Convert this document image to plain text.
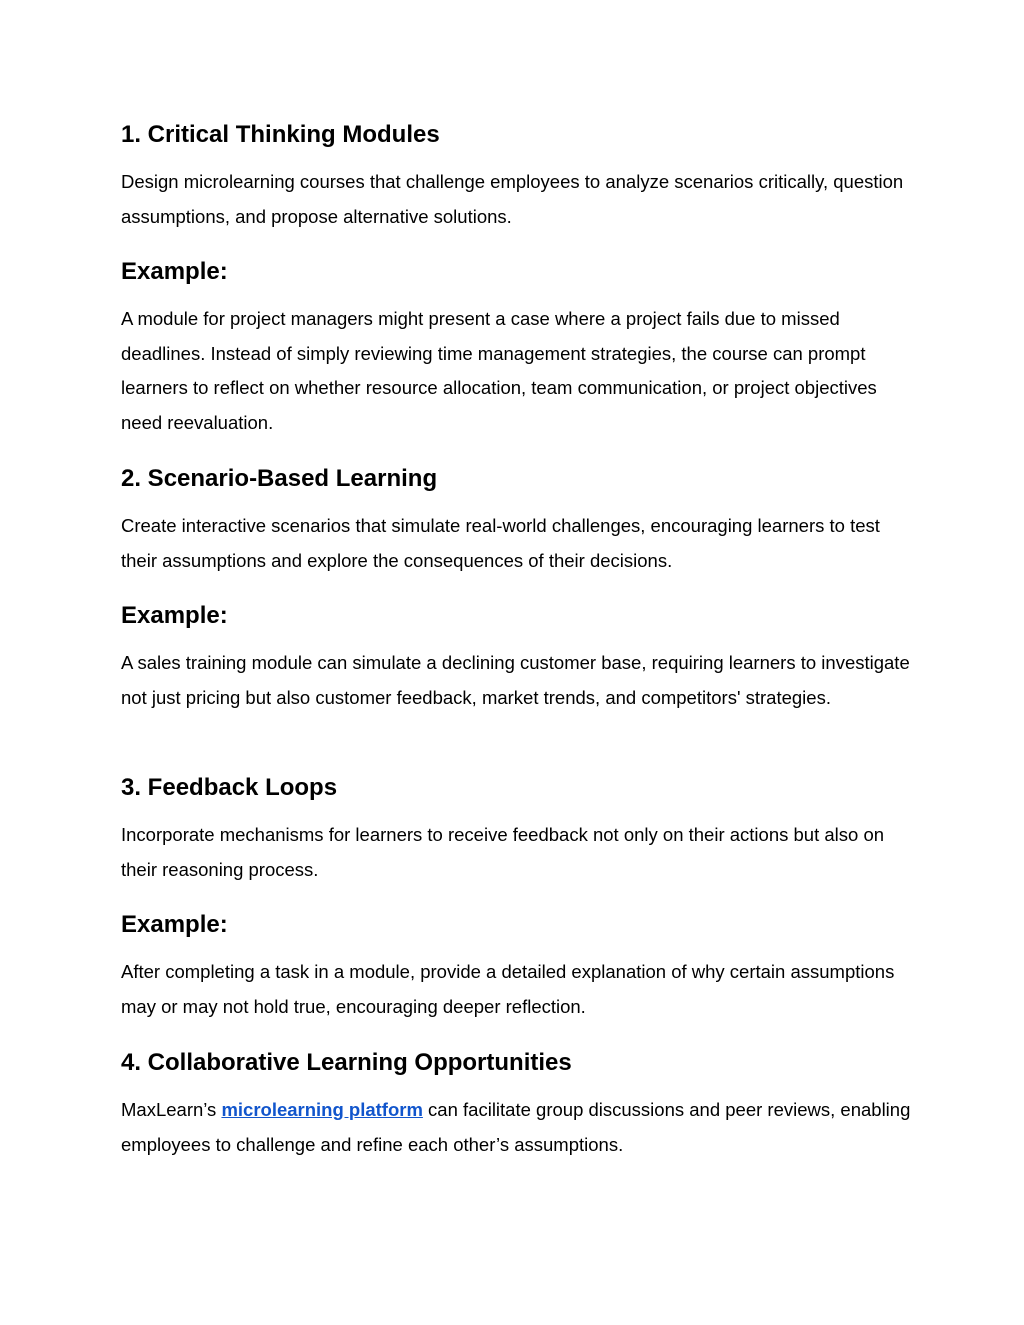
1. Critical Thinking Modules

Design microlearning courses that challenge employees to analyze scenarios critically, question assumptions, and propose alternative solutions.

Example:

A module for project managers might present a case where a project fails due to missed deadlines. Instead of simply reviewing time management strategies, the course can prompt learners to reflect on whether resource allocation, team communication, or project objectives need reevaluation.

2. Scenario-Based Learning

Create interactive scenarios that simulate real-world challenges, encouraging learners to test their assumptions and explore the consequences of their decisions.

Example:

A sales training module can simulate a declining customer base, requiring learners to investigate not just pricing but also customer feedback, market trends, and competitors' strategies.

3. Feedback Loops

Incorporate mechanisms for learners to receive feedback not only on their actions but also on their reasoning process.

Example:

After completing a task in a module, provide a detailed explanation of why certain assumptions may or may not hold true, encouraging deeper reflection.

4. Collaborative Learning Opportunities

MaxLearn’s microlearning platform can facilitate group discussions and peer reviews, enabling employees to challenge and refine each other’s assumptions.
